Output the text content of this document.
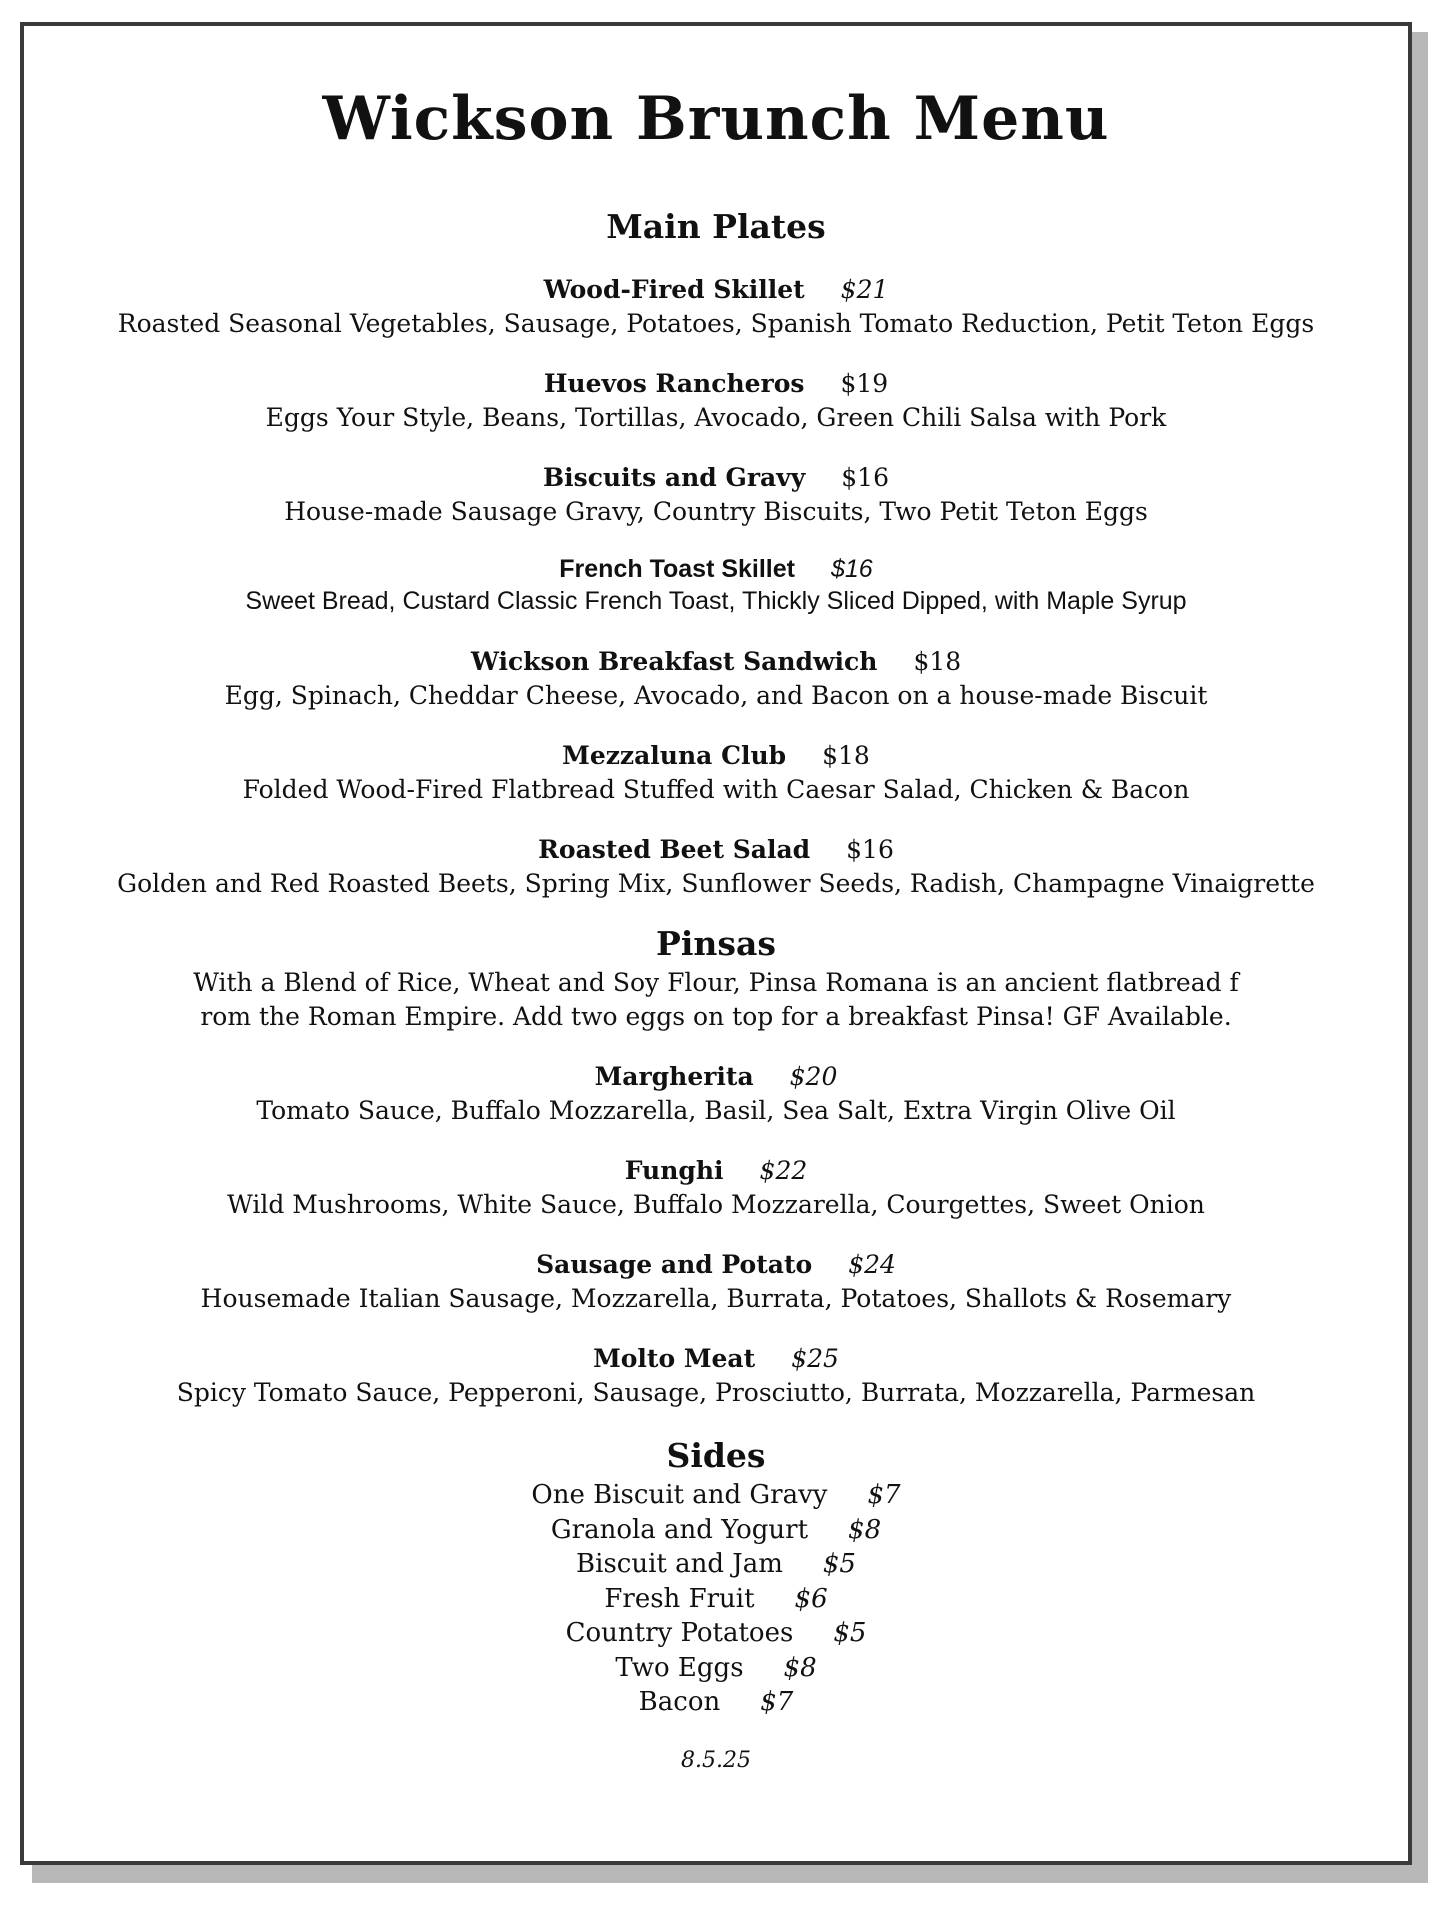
Wickson Brunch Menu
Main Plates
Wood-Fired Skillet $21
Roasted Seasonal Vegetables, Sausage, Potatoes, Spanish Tomato Reduction, Petit Teton Eggs
Huevos Rancheros $19
Eggs Your Style, Beans, Tortillas, Avocado, Green Chili Salsa with Pork
Biscuits and Gravy $16
House-made Sausage Gravy, Country Biscuits, Two Petit Teton Eggs
French Toast Skillet $16
Sweet Bread, Custard Classic French Toast, Thickly Sliced Dipped, with Maple Syrup
Wickson Breakfast Sandwich $18
Egg, Spinach, Cheddar Cheese, Avocado, and Bacon on a house-made Biscuit
Mezzaluna Club $18
Folded Wood-Fired Flatbread Stuffed with Caesar Salad, Chicken & Bacon
Roasted Beet Salad $16
Golden and Red Roasted Beets, Spring Mix, Sunflower Seeds, Radish, Champagne Vinaigrette
Pinsas
With a Blend of Rice, Wheat and Soy Flour, Pinsa Romana is an ancient flatbread f
rom the Roman Empire. Add two eggs on top for a breakfast Pinsa! GF Available.
Margherita $20
Tomato Sauce, Buffalo Mozzarella, Basil, Sea Salt, Extra Virgin Olive Oil
Funghi $22
Wild Mushrooms, White Sauce, Buffalo Mozzarella, Courgettes, Sweet Onion
Sausage and Potato $24
Housemade Italian Sausage, Mozzarella, Burrata, Potatoes, Shallots & Rosemary
Molto Meat $25
Spicy Tomato Sauce, Pepperoni, Sausage, Prosciutto, Burrata, Mozzarella, Parmesan
Sides
One Biscuit and Gravy $7
Granola and Yogurt $8
Biscuit and Jam $5
Fresh Fruit $6
Country Potatoes $5
Two Eggs $8
Bacon $7
8.5.25
